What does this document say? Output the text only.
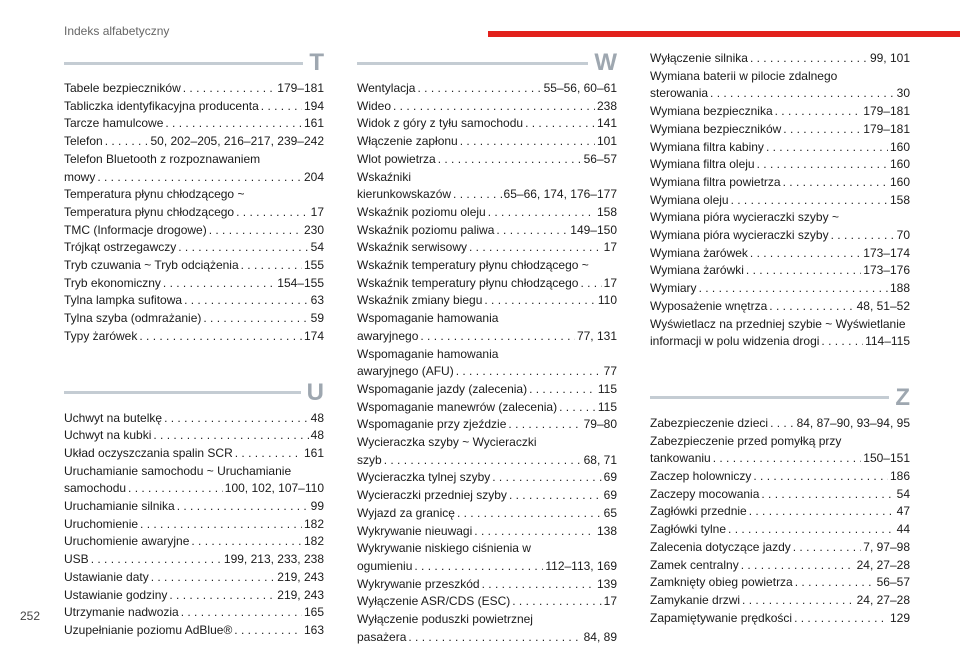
Indeks alfabetyczny
T
Tabele bezpieczników . . .	179–181
Tabliczka identyfikacyjna producenta . . .	194
Tarcze hamulcowe . . .	161
Telefon . . .	50, 202–205, 216–217, 239–242
Telefon Bluetooth z rozpoznawaniem
mowy . . .	204
Temperatura płynu chłodzącego ~
Temperatura płynu chłodzącego . . .	17
TMC (Informacje drogowe) . . .	230
Trójkąt ostrzegawczy . . .	54
Tryb czuwania ~ Tryb odciążenia . . .	155
Tryb ekonomiczny . . .	154–155
Tylna lampka sufitowa . . .	63
Tylna szyba (odmrażanie) . . .	59
Typy żarówek . . .	174
U
Uchwyt na butelkę . . .	48
Uchwyt na kubki . . .	48
Układ oczyszczania spalin SCR . . .	161
Uruchamianie samochodu ~ Uruchamianie
samochodu . . .	100, 102, 107–110
Uruchamianie silnika . . .	99
Uruchomienie . . .	182
Uruchomienie awaryjne . . .	182
USB . . .	199, 213, 233, 238
Ustawianie daty . . .	219, 243
Ustawianie godziny . . .	219, 243
Utrzymanie nadwozia . . .	165
Uzupełnianie poziomu AdBlue® . . .	163
W
Wentylacja . . .	55–56, 60–61
Wideo . . .	238
Widok z góry z tyłu samochodu . . .	141
Włączenie zapłonu . . .	101
Wlot powietrza . . .	56–57
Wskaźniki
kierunkowskazów . . .	65–66, 174, 176–177
Wskaźnik poziomu oleju . . .	158
Wskaźnik poziomu paliwa . . .	149–150
Wskaźnik serwisowy . . .	17
Wskaźnik temperatury płynu chłodzącego ~
Wskaźnik temperatury płynu chłodzącego . . . 17
Wskaźnik zmiany biegu . . .	110
Wspomaganie hamowania
awaryjnego . . .	77, 131
Wspomaganie hamowania
awaryjnego (AFU) . . .	77
Wspomaganie jazdy (zalecenia) . . .	115
Wspomaganie manewrów (zalecenia) . . .	115
Wspomaganie przy zjeździe . . .	79–80
Wycieraczka szyby ~ Wycieraczki
szyb . . .	68, 71
Wycieraczka tylnej szyby . . .	69
Wycieraczki przedniej szyby . . .	69
Wyjazd za granicę . . .	65
Wykrywanie nieuwagi . . .	138
Wykrywanie niskiego ciśnienia w
ogumieniu . . .	112–113, 169
Wykrywanie przeszkód . . .	139
Wyłączenie ASR/CDS (ESC) . . .	17
Wyłączenie poduszki powietrznej
pasażera . . .	84, 89
Wyłączenie silnika . . .	99, 101
Wymiana baterii w pilocie zdalnego
sterowania . . .	30
Wymiana bezpiecznika . . .	179–181
Wymiana bezpieczników . . .	179–181
Wymiana filtra kabiny . . .	160
Wymiana filtra oleju . . .	160
Wymiana filtra powietrza . . .	160
Wymiana oleju . . .	158
Wymiana pióra wycieraczki szyby ~
Wymiana pióra wycieraczki szyby . . .	70
Wymiana żarówek . . .	173–174
Wymiana żarówki . . .	173–176
Wymiary . . .	188
Wyposażenie wnętrza . . .	48, 51–52
Wyświetlacz na przedniej szybie ~ Wyświetlanie
informacji w polu widzenia drogi . . .	114–115
Z
Zabezpieczenie dzieci . . . 84, 87–90, 93–94, 95
Zabezpieczenie przed pomyłką przy
tankowaniu . . .	150–151
Zaczep holowniczy . . .	186
Zaczepy mocowania . . .	54
Zagłówki przednie . . .	47
Zagłówki tylne . . .	44
Zalecenia dotyczące jazdy . . .	7, 97–98
Zamek centralny . . .	24, 27–28
Zamknięty obieg powietrza . . .	56–57
Zamykanie drzwi . . .	24, 27–28
Zapamiętywanie prędkości . . .	129
252
